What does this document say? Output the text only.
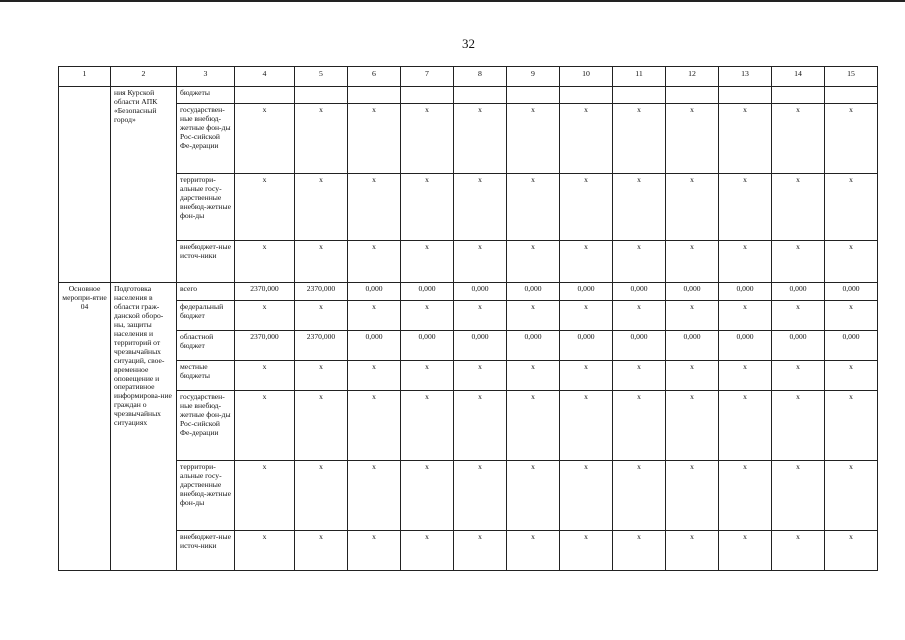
32
1	2	3	4	5	6	7	8	9	10	11	12	13	14	15
	ния Курской области АПК «Безопасный город»	бюджеты												
		государствен-ные внебюд-жетные фон-ды Рос-сийской Фе-дерации	x	x	x	x	x	x	x	x	x	x	x	x
		территори-альные госу-дарственные внебюд-жетные фон-ды	x	x	x	x	x	x	x	x	x	x	x	x
		внебюджет-ные источ-ники	x	x	x	x	x	x	x	x	x	x	x	x
Основное меропри-ятие 04	Подготовка населения в области граж-данской оборо-ны, защиты населения и территорий от чрезвычайных ситуаций, свое-временное оповещение и оперативное информирова-ние граждан о чрезвычайных ситуациях	всего	2370,000	2370,000	0,000	0,000	0,000	0,000	0,000	0,000	0,000	0,000	0,000	0,000
		федеральный бюджет	x	x	x	x	x	x	x	x	x	x	x	x
		областной бюджет	2370,000	2370,000	0,000	0,000	0,000	0,000	0,000	0,000	0,000	0,000	0,000	0,000
		местные бюджеты	x	x	x	x	x	x	x	x	x	x	x	x
		государствен-ные внебюд-жетные фон-ды Рос-сийской Фе-дерации	x	x	x	x	x	x	x	x	x	x	x	x
		территори-альные госу-дарственные внебюд-жетные фон-ды	x	x	x	x	x	x	x	x	x	x	x	x
		внебюджет-ные источ-ники	x	x	x	x	x	x	x	x	x	x	x	x
